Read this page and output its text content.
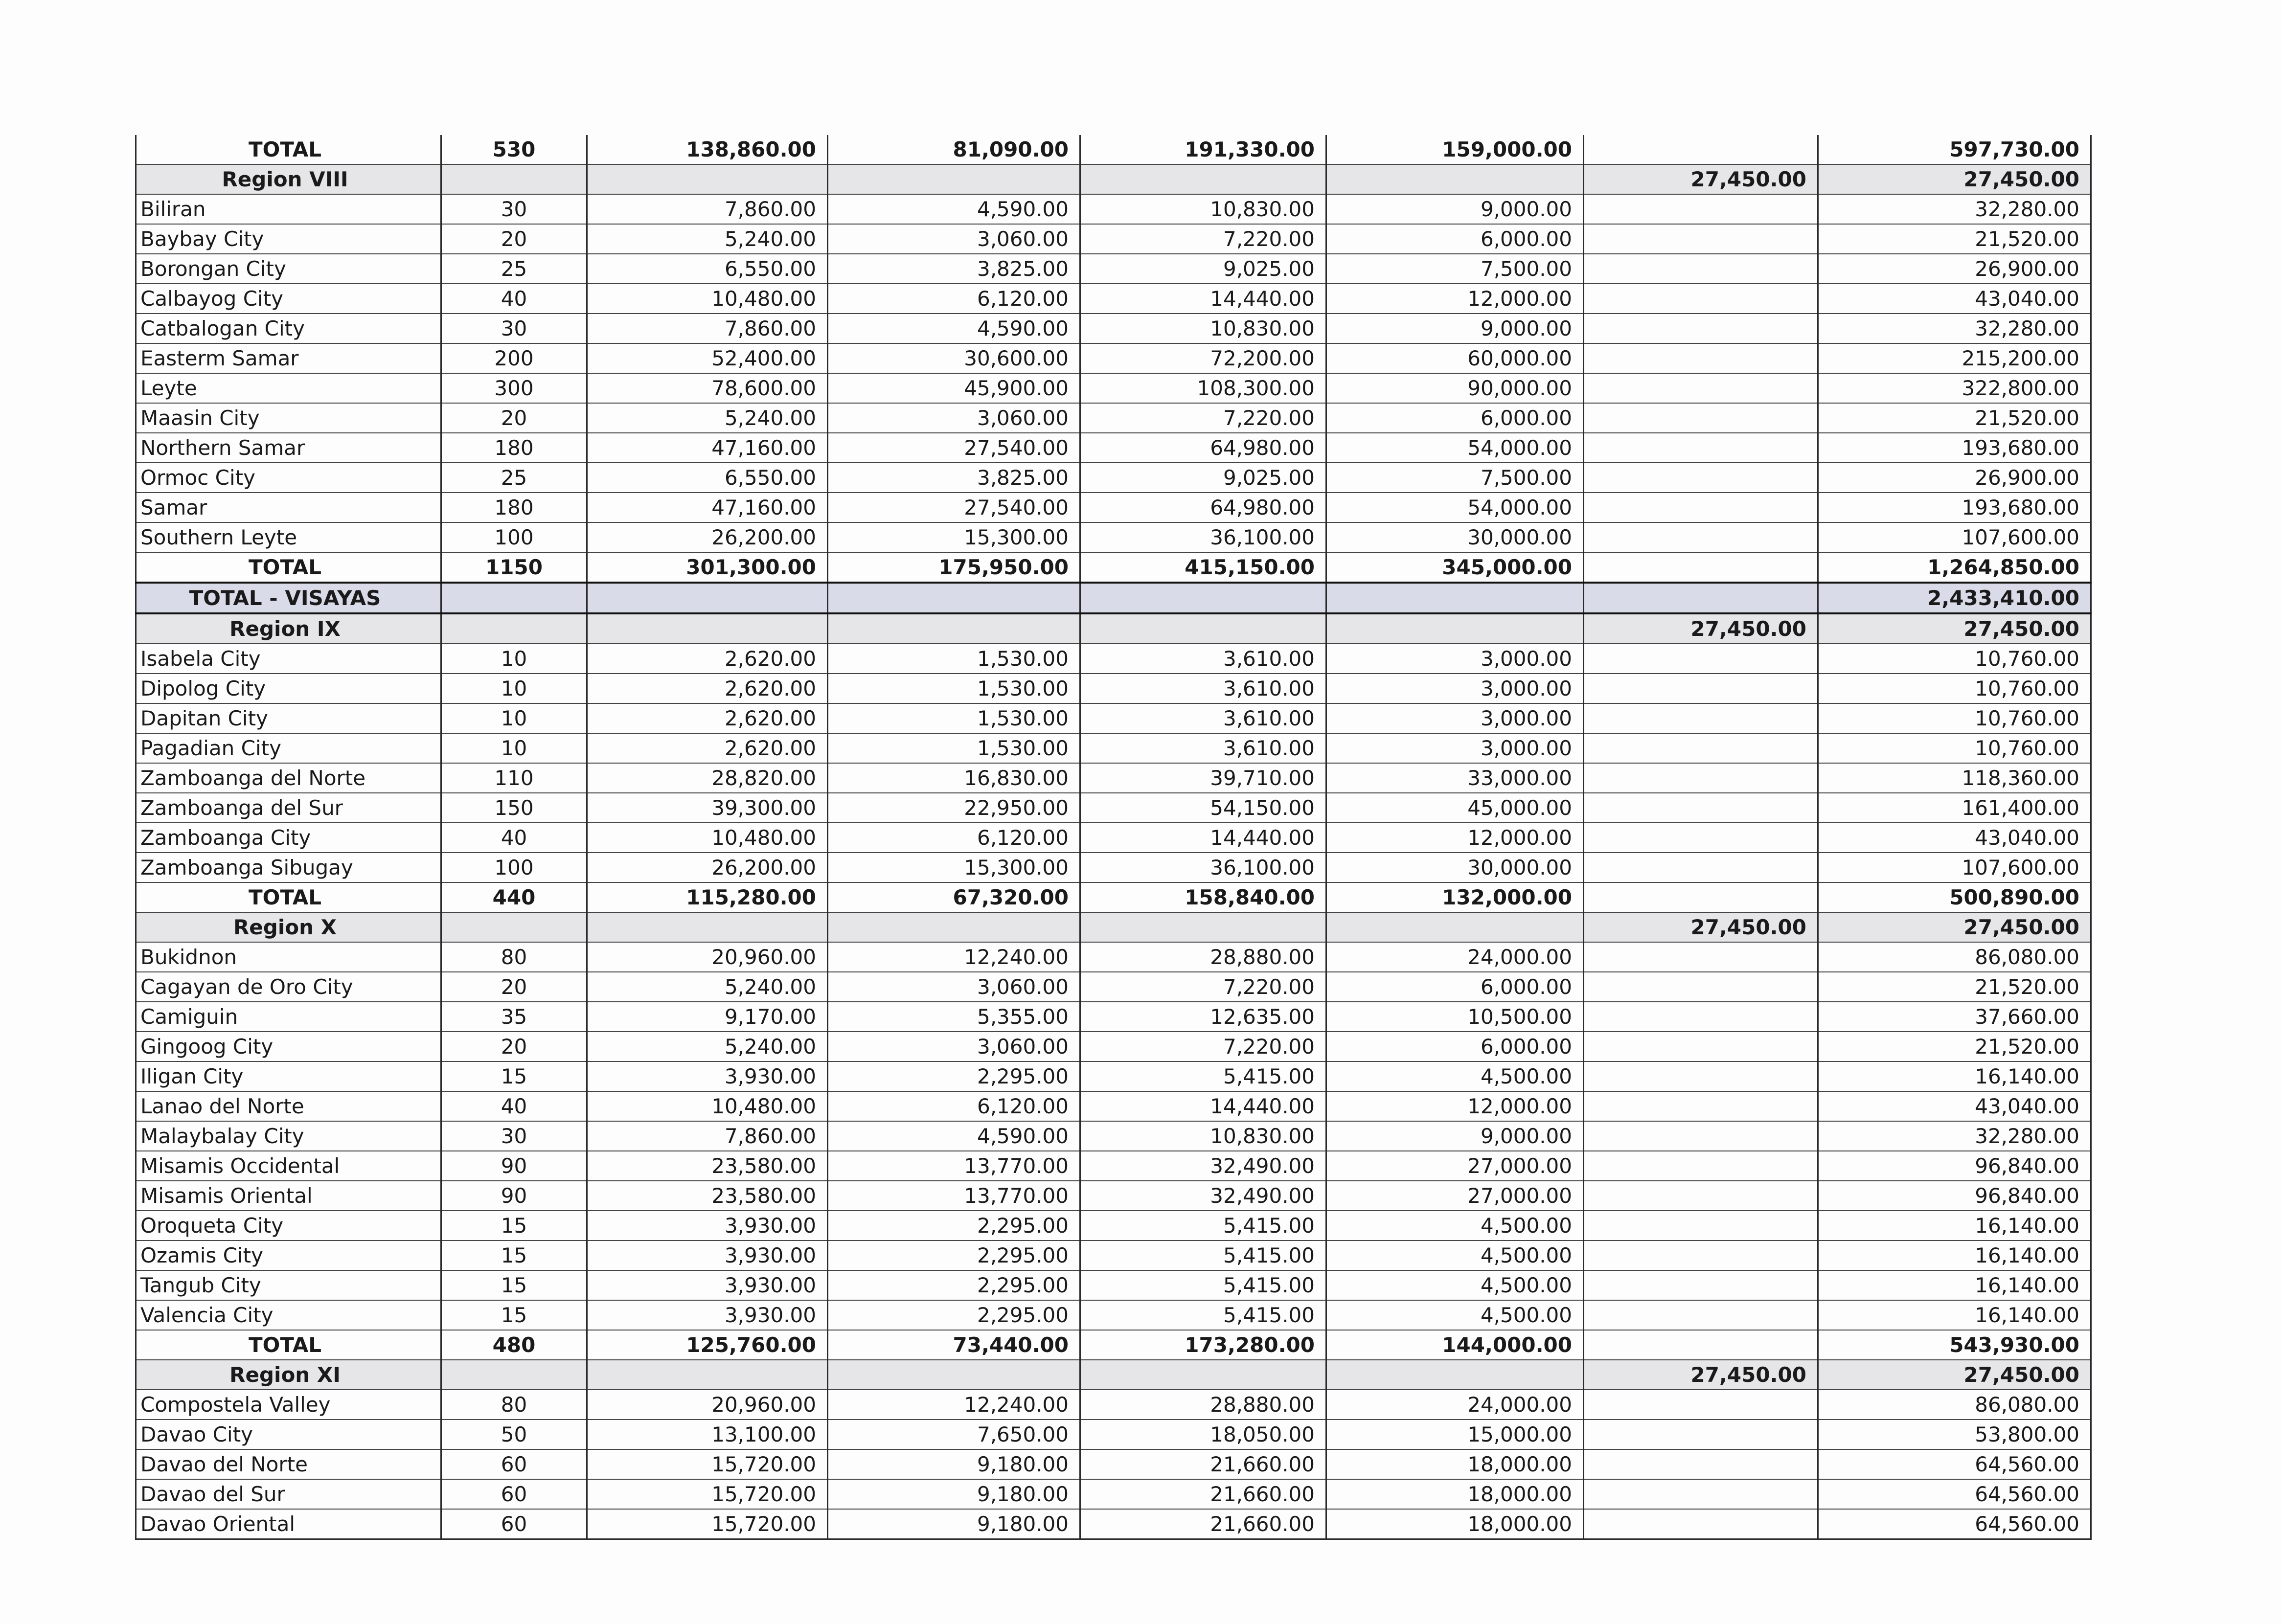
TOTAL	530	138,860.00	81,090.00	191,330.00	159,000.00		597,730.00
Region VIII						27,450.00	27,450.00
Biliran	30	7,860.00	4,590.00	10,830.00	9,000.00		32,280.00
Baybay City	20	5,240.00	3,060.00	7,220.00	6,000.00		21,520.00
Borongan City	25	6,550.00	3,825.00	9,025.00	7,500.00		26,900.00
Calbayog City	40	10,480.00	6,120.00	14,440.00	12,000.00		43,040.00
Catbalogan City	30	7,860.00	4,590.00	10,830.00	9,000.00		32,280.00
Easterm Samar	200	52,400.00	30,600.00	72,200.00	60,000.00		215,200.00
Leyte	300	78,600.00	45,900.00	108,300.00	90,000.00		322,800.00
Maasin City	20	5,240.00	3,060.00	7,220.00	6,000.00		21,520.00
Northern Samar	180	47,160.00	27,540.00	64,980.00	54,000.00		193,680.00
Ormoc City	25	6,550.00	3,825.00	9,025.00	7,500.00		26,900.00
Samar	180	47,160.00	27,540.00	64,980.00	54,000.00		193,680.00
Southern Leyte	100	26,200.00	15,300.00	36,100.00	30,000.00		107,600.00
TOTAL	1150	301,300.00	175,950.00	415,150.00	345,000.00		1,264,850.00
TOTAL - VISAYAS							2,433,410.00
Region IX						27,450.00	27,450.00
Isabela City	10	2,620.00	1,530.00	3,610.00	3,000.00		10,760.00
Dipolog City	10	2,620.00	1,530.00	3,610.00	3,000.00		10,760.00
Dapitan City	10	2,620.00	1,530.00	3,610.00	3,000.00		10,760.00
Pagadian City	10	2,620.00	1,530.00	3,610.00	3,000.00		10,760.00
Zamboanga del Norte	110	28,820.00	16,830.00	39,710.00	33,000.00		118,360.00
Zamboanga del Sur	150	39,300.00	22,950.00	54,150.00	45,000.00		161,400.00
Zamboanga City	40	10,480.00	6,120.00	14,440.00	12,000.00		43,040.00
Zamboanga Sibugay	100	26,200.00	15,300.00	36,100.00	30,000.00		107,600.00
TOTAL	440	115,280.00	67,320.00	158,840.00	132,000.00		500,890.00
Region X						27,450.00	27,450.00
Bukidnon	80	20,960.00	12,240.00	28,880.00	24,000.00		86,080.00
Cagayan de Oro City	20	5,240.00	3,060.00	7,220.00	6,000.00		21,520.00
Camiguin	35	9,170.00	5,355.00	12,635.00	10,500.00		37,660.00
Gingoog City	20	5,240.00	3,060.00	7,220.00	6,000.00		21,520.00
Iligan City	15	3,930.00	2,295.00	5,415.00	4,500.00		16,140.00
Lanao del Norte	40	10,480.00	6,120.00	14,440.00	12,000.00		43,040.00
Malaybalay City	30	7,860.00	4,590.00	10,830.00	9,000.00		32,280.00
Misamis Occidental	90	23,580.00	13,770.00	32,490.00	27,000.00		96,840.00
Misamis Oriental	90	23,580.00	13,770.00	32,490.00	27,000.00		96,840.00
Oroqueta City	15	3,930.00	2,295.00	5,415.00	4,500.00		16,140.00
Ozamis City	15	3,930.00	2,295.00	5,415.00	4,500.00		16,140.00
Tangub City	15	3,930.00	2,295.00	5,415.00	4,500.00		16,140.00
Valencia City	15	3,930.00	2,295.00	5,415.00	4,500.00		16,140.00
TOTAL	480	125,760.00	73,440.00	173,280.00	144,000.00		543,930.00
Region XI						27,450.00	27,450.00
Compostela Valley	80	20,960.00	12,240.00	28,880.00	24,000.00		86,080.00
Davao City	50	13,100.00	7,650.00	18,050.00	15,000.00		53,800.00
Davao del Norte	60	15,720.00	9,180.00	21,660.00	18,000.00		64,560.00
Davao del Sur	60	15,720.00	9,180.00	21,660.00	18,000.00		64,560.00
Davao Oriental	60	15,720.00	9,180.00	21,660.00	18,000.00		64,560.00
